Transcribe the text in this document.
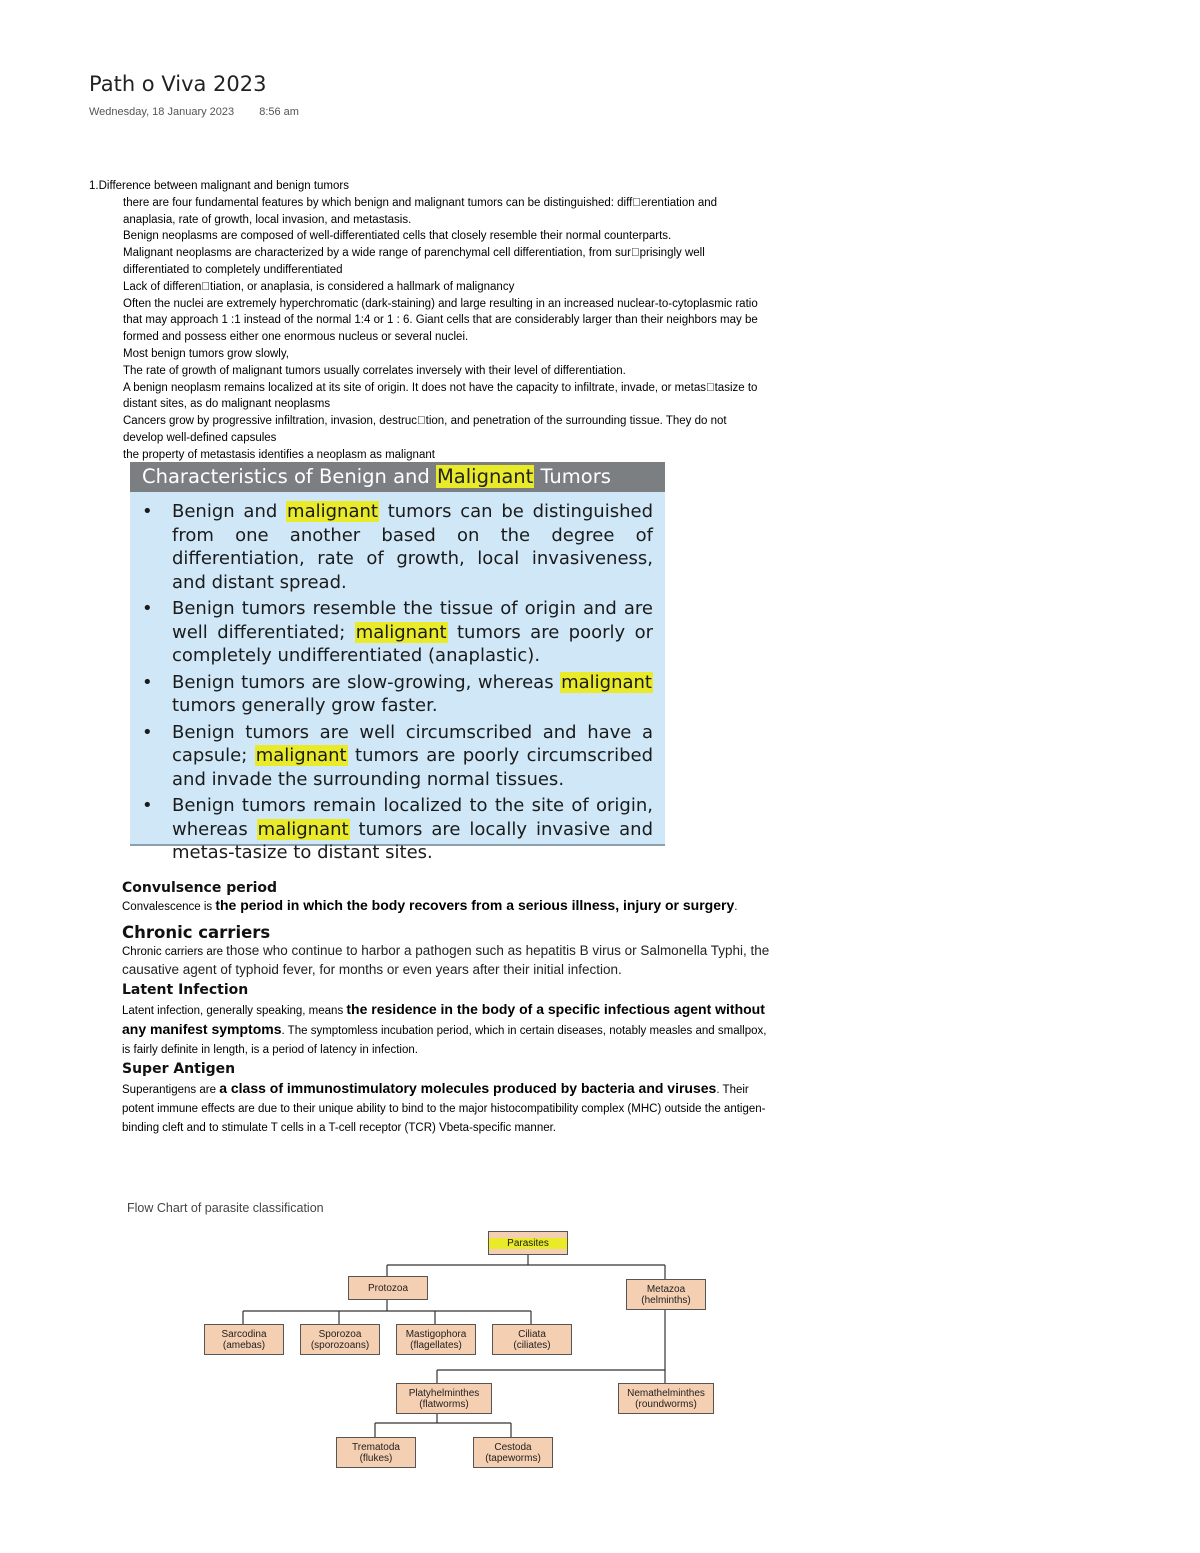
Path o Viva 2023
Wednesday, 18 January 2023 8:56 am

1.Difference between malignant and benign tumors

there are four fundamental features by which benign and malignant tumors can be distinguished: diff erentiation and anaplasia, rate of growth, local invasion, and metastasis.

Benign neoplasms are composed of well-differentiated cells that closely resemble their normal counterparts.

Malignant neoplasms are characterized by a wide range of parenchymal cell differentiation, from sur prisingly well differentiated to completely undifferentiated

Lack of differen tiation, or anaplasia, is considered a hallmark of malignancy

Often the nuclei are extremely hyperchromatic (dark-staining) and large resulting in an increased nuclear-to-cytoplasmic ratio that may approach 1 :1 instead of the normal 1:4 or 1 : 6. Giant cells that are considerably larger than their neighbors may be formed and possess either one enormous nucleus or several nuclei.

Most benign tumors grow slowly,

The rate of growth of malignant tumors usually correlates inversely with their level of differentiation.

A benign neoplasm remains localized at its site of origin. It does not have the capacity to infiltrate, invade, or metas tasize to distant sites, as do malignant neoplasms

Cancers grow by progressive infiltration, invasion, destruc tion, and penetration of the surrounding tissue. They do not develop well-defined capsules

the property of metastasis identifies a neoplasm as malignant

Characteristics of Benign and Malignant Tumors
• Benign and malignant tumors can be distinguished from one another based on the degree of differentiation, rate of growth, local invasiveness, and distant spread.
• Benign tumors resemble the tissue of origin and are well differentiated; malignant tumors are poorly or completely undifferentiated (anaplastic).
• Benign tumors are slow-growing, whereas malignant tumors generally grow faster.
• Benign tumors are well circumscribed and have a capsule; malignant tumors are poorly circumscribed and invade the surrounding normal tissues.
• Benign tumors remain localized to the site of origin, whereas malignant tumors are locally invasive and metas-tasize to distant sites.

Convulsence period

Convalescence is the period in which the body recovers from a serious illness, injury or surgery.

Chronic carriers

Chronic carriers are those who continue to harbor a pathogen such as hepatitis B virus or Salmonella Typhi, the causative agent of typhoid fever, for months or even years after their initial infection.

Latent Infection

Latent infection, generally speaking, means the residence in the body of a specific infectious agent without any manifest symptoms. The symptomless incubation period, which in certain diseases, notably measles and smallpox, is fairly definite in length, is a period of latency in infection.

Super Antigen

Superantigens are a class of immunostimulatory molecules produced by bacteria and viruses. Their potent immune effects are due to their unique ability to bind to the major histocompatibility complex (MHC) outside the antigen-binding cleft and to stimulate T cells in a T-cell receptor (TCR) Vbeta-specific manner.

Flow Chart of parasite classification
Parasites
Protozoa	Metazoa
(helminths)
Sarcodina
(amebas)
Sporozoa
(sporozoans)
Mastigophora
(flagellates)
Ciliata
(ciliates)
Platyhelminthes
(flatworms)
Nemathelminthes
(roundworms)
Trematoda
(flukes)
Cestoda
(tapeworms)
